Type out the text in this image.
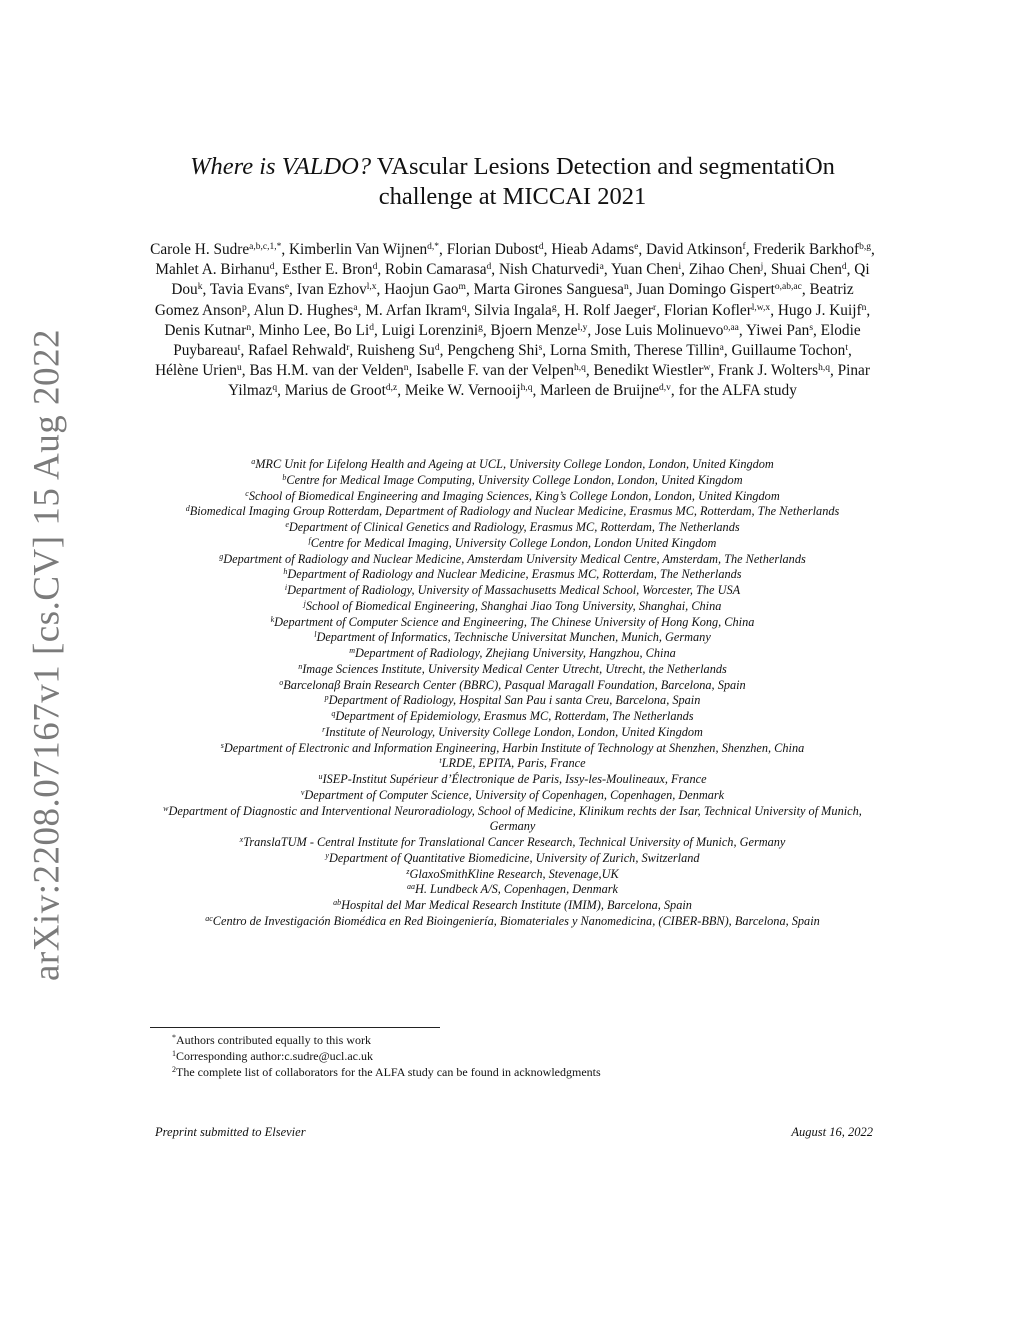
arXiv:2208.07167v1 [cs.CV] 15 Aug 2022
Where is VALDO? VAscular Lesions Detection and segmentatiOn challenge at MICCAI 2021

Carole H. Sudre$^{a,b,c,1,*}$, Kimberlin Van Wijnen$^{d,*}$, Florian Dubost$^d$, Hieab Adams$^e$, David Atkinson$^f$, Frederik Barkhof$^{b,g}$, Mahlet A. Birhanu$^d$, Esther E. Bron$^d$, Robin Camarasa$^d$, Nish Chaturvedi$^a$, Yuan Chen$^i$, Zihao Chen$^j$, Shuai Chen$^d$, Qi Dou$^k$, Tavia Evans$^e$, Ivan Ezhov$^{l,x}$, Haojun Gao$^m$, Marta Girones Sanguesa$^n$, Juan Domingo Gispert$^{o,ab,ac}$, Beatriz Gomez Anson$^p$, Alun D. Hughes$^a$, M. Arfan Ikram$^q$, Silvia Ingala$^g$, H. Rolf Jaeger$^r$, Florian Kofler$^{l,w,x}$, Hugo J. Kuijf$^n$, Denis Kutnar$^n$, Minho Lee, Bo Li$^d$, Luigi Lorenzini$^g$, Bjoern Menze$^{l,y}$, Jose Luis Molinuevo$^{o,aa}$, Yiwei Pan$^s$, Elodie Puybareau$^t$, Rafael Rehwald$^r$, Ruisheng Su$^d$, Pengcheng Shi$^s$, Lorna Smith, Therese Tillin$^a$, Guillaume Tochon$^t$, Hélène Urien$^u$, Bas H.M. van der Velden$^n$, Isabelle F. van der Velpen$^{h,q}$, Benedikt Wiestler$^w$, Frank J. Wolters$^{h,q}$, Pinar Yilmaz$^q$, Marius de Groot$^{d,z}$, Meike W. Vernooij$^{h,q}$, Marleen de Bruijne$^{d,v}$, for the ALFA study

$^a$MRC Unit for Lifelong Health and Ageing at UCL, University College London, London, United Kingdom
$^b$Centre for Medical Image Computing, University College London, London, United Kingdom
$^c$School of Biomedical Engineering and Imaging Sciences, King’s College London, London, United Kingdom
$^d$Biomedical Imaging Group Rotterdam, Department of Radiology and Nuclear Medicine, Erasmus MC, Rotterdam, The Netherlands
$^e$Department of Clinical Genetics and Radiology, Erasmus MC, Rotterdam, The Netherlands
$^f$Centre for Medical Imaging, University College London, London United Kingdom
$^g$Department of Radiology and Nuclear Medicine, Amsterdam University Medical Centre, Amsterdam, The Netherlands
$^h$Department of Radiology and Nuclear Medicine, Erasmus MC, Rotterdam, The Netherlands
$^i$Department of Radiology, University of Massachusetts Medical School, Worcester, The USA
$^j$School of Biomedical Engineering, Shanghai Jiao Tong University, Shanghai, China
$^k$Department of Computer Science and Engineering, The Chinese University of Hong Kong, China
$^l$Department of Informatics, Technische Universitat Munchen, Munich, Germany
$^m$Department of Radiology, Zhejiang University, Hangzhou, China
$^n$Image Sciences Institute, University Medical Center Utrecht, Utrecht, the Netherlands
$^o$Barcelonaβ Brain Research Center (BBRC), Pasqual Maragall Foundation, Barcelona, Spain
$^p$Department of Radiology, Hospital San Pau i santa Creu, Barcelona, Spain
$^q$Department of Epidemiology, Erasmus MC, Rotterdam, The Netherlands
$^r$Institute of Neurology, University College London, London, United Kingdom
$^s$Department of Electronic and Information Engineering, Harbin Institute of Technology at Shenzhen, Shenzhen, China
$^t$LRDE, EPITA, Paris, France
$^u$ISEP-Institut Supérieur d’Électronique de Paris, Issy-les-Moulineaux, France
$^v$Department of Computer Science, University of Copenhagen, Copenhagen, Denmark
$^w$Department of Diagnostic and Interventional Neuroradiology, School of Medicine, Klinikum rechts der Isar, Technical University of Munich, Germany
$^x$TranslaTUM - Central Institute for Translational Cancer Research, Technical University of Munich, Germany
$^y$Department of Quantitative Biomedicine, University of Zurich, Switzerland
$^z$GlaxoSmithKline Research, Stevenage,UK
$^{aa}$H. Lundbeck A/S, Copenhagen, Denmark
$^{ab}$Hospital del Mar Medical Research Institute (IMIM), Barcelona, Spain
$^{ac}$Centro de Investigación Biomédica en Red Bioingeniería, Biomateriales y Nanomedicina, (CIBER-BBN), Barcelona, Spain
*Authors contributed equally to this work
$^1$Corresponding author:c.sudre@ucl.ac.uk
$^2$The complete list of collaborators for the ALFA study can be found in acknowledgments
Preprint submitted to Elsevier	August 16, 2022
